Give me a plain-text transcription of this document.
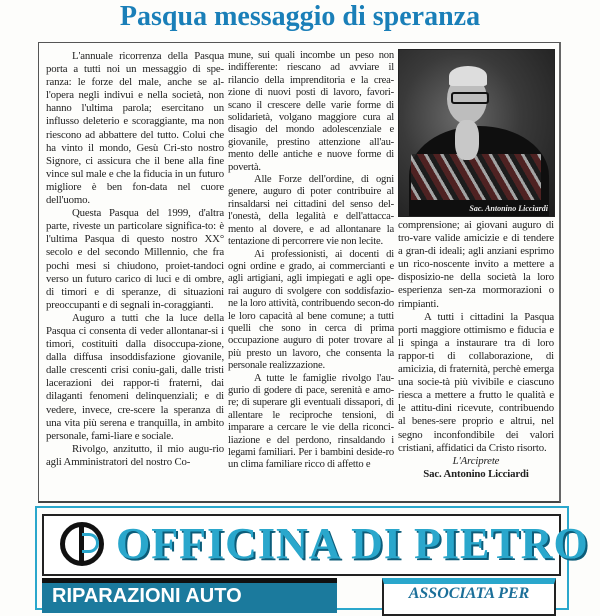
Pasqua messaggio di speranza

L'annuale ricorrenza della Pasqua porta a tutti noi un messaggio di spe-ranza: le forze del male, anche se al-l'opera negli indivui e nella società, non hanno l'ultima parola; esercitano un influsso deleterio e scoraggiante, ma non riescono ad abbattere del tutto. Colui che ha vinto il mondo, Gesù Cri-sto nostro Signore, ci assicura che il bene alla fine vince sul male e che la fiducia in un futuro migliore è ben fon-data nel cuore dell'uomo.

Questa Pasqua del 1999, d'altra parte, riveste un particolare significa-to: è l'ultima Pasqua di questo nostro XX° secolo e del secondo Millennio, che fra pochi mesi si chiudono, proiet-tandoci verso un futuro carico di luci e di ombre, di timori e di speranze, di situazioni preoccupanti e di segnali in-coraggianti.

Auguro a tutti che la luce della Pasqua ci consenta di veder allontanar-si i timori, costituiti dalla disoccupa-zione, dalla diffusa insoddisfazione giovanile, dalle crescenti crisi coniu-gali, dalle tristi lacerazioni dei rappor-ti fraterni, dai dilaganti fenomeni delinquenziali; e di vedere, invece, cre-scere la speranza di una vita più serena e tranquilla, in ambito personale, fami-liare e sociale.

Rivolgo, anzitutto, il mio augu-rio agli Amministratori del nostro Co-

mune, sui quali incombe un peso non indifferente: riescano ad avviare il rilancio della imprenditoria e la crea-zione di nuovi posti di lavoro, favori-scano il crescere delle varie forme di solidarietà, volgano maggiore cura al disagio del mondo adolescenziale e giovanile, prestino attenzione all'au-mento delle antiche e nuove forme di povertà.

Alle Forze dell'ordine, di ogni genere, auguro di poter contribuire al rinsaldarsi nei cittadini del senso del-l'onestà, della legalità e dell'attacca-mento al dovere, e ad allontanare la tentazione di percorrere vie non lecite.

Ai professionisti, ai docenti di ogni ordine e grado, ai commercianti e agli artigiani, agli impiegati e agli ope-rai auguro di svolgere con soddisfazio-ne la loro attività, contribuendo secon-do le loro capacità al bene comune; a tutti quelli che sono in cerca di prima occupazione auguro di poter trovare al più presto un lavoro, che consenta la personale realizzazione.

A tutte le famiglie rivolgo l'au-gurio di godere di pace, serenità e amo-re; di superare gli eventuali dissapori, di allentare le reciproche tensioni, di imparare a cercare le vie della riconci-liazione e del perdono, rinsaldando i legami familiari. Per i bambini deside-ro un clima familiare ricco di affetto e

Sac. Antonino Licciardi

comprensione; ai giovani auguro di tro-vare valide amicizie e di tendere a gran-di ideali; agli anziani esprimo un rico-noscente invito a mettere a disposizio-ne della società la loro esperienza sen-za mormorazioni o rimpianti.

A tutti i cittadini la Pasqua porti maggiore ottimismo e fiducia e li spinga a instaurare tra di loro rappor-ti di collaborazione, di amicizia, di fraternità, perchè emerga una socie-tà più vivibile e ciascuno riesca a mettere a frutto le qualità e le attitu-dini ricevute, contribuendo al benes-sere proprio e altrui, nel segno inconfondibile dei valori cristiani, affidatici da Cristo risorto.

L'Arciprete
Sac. Antonino Licciardi
OFFICINA DI PIETRO
RIPARAZIONI AUTO	ASSOCIATA PER
